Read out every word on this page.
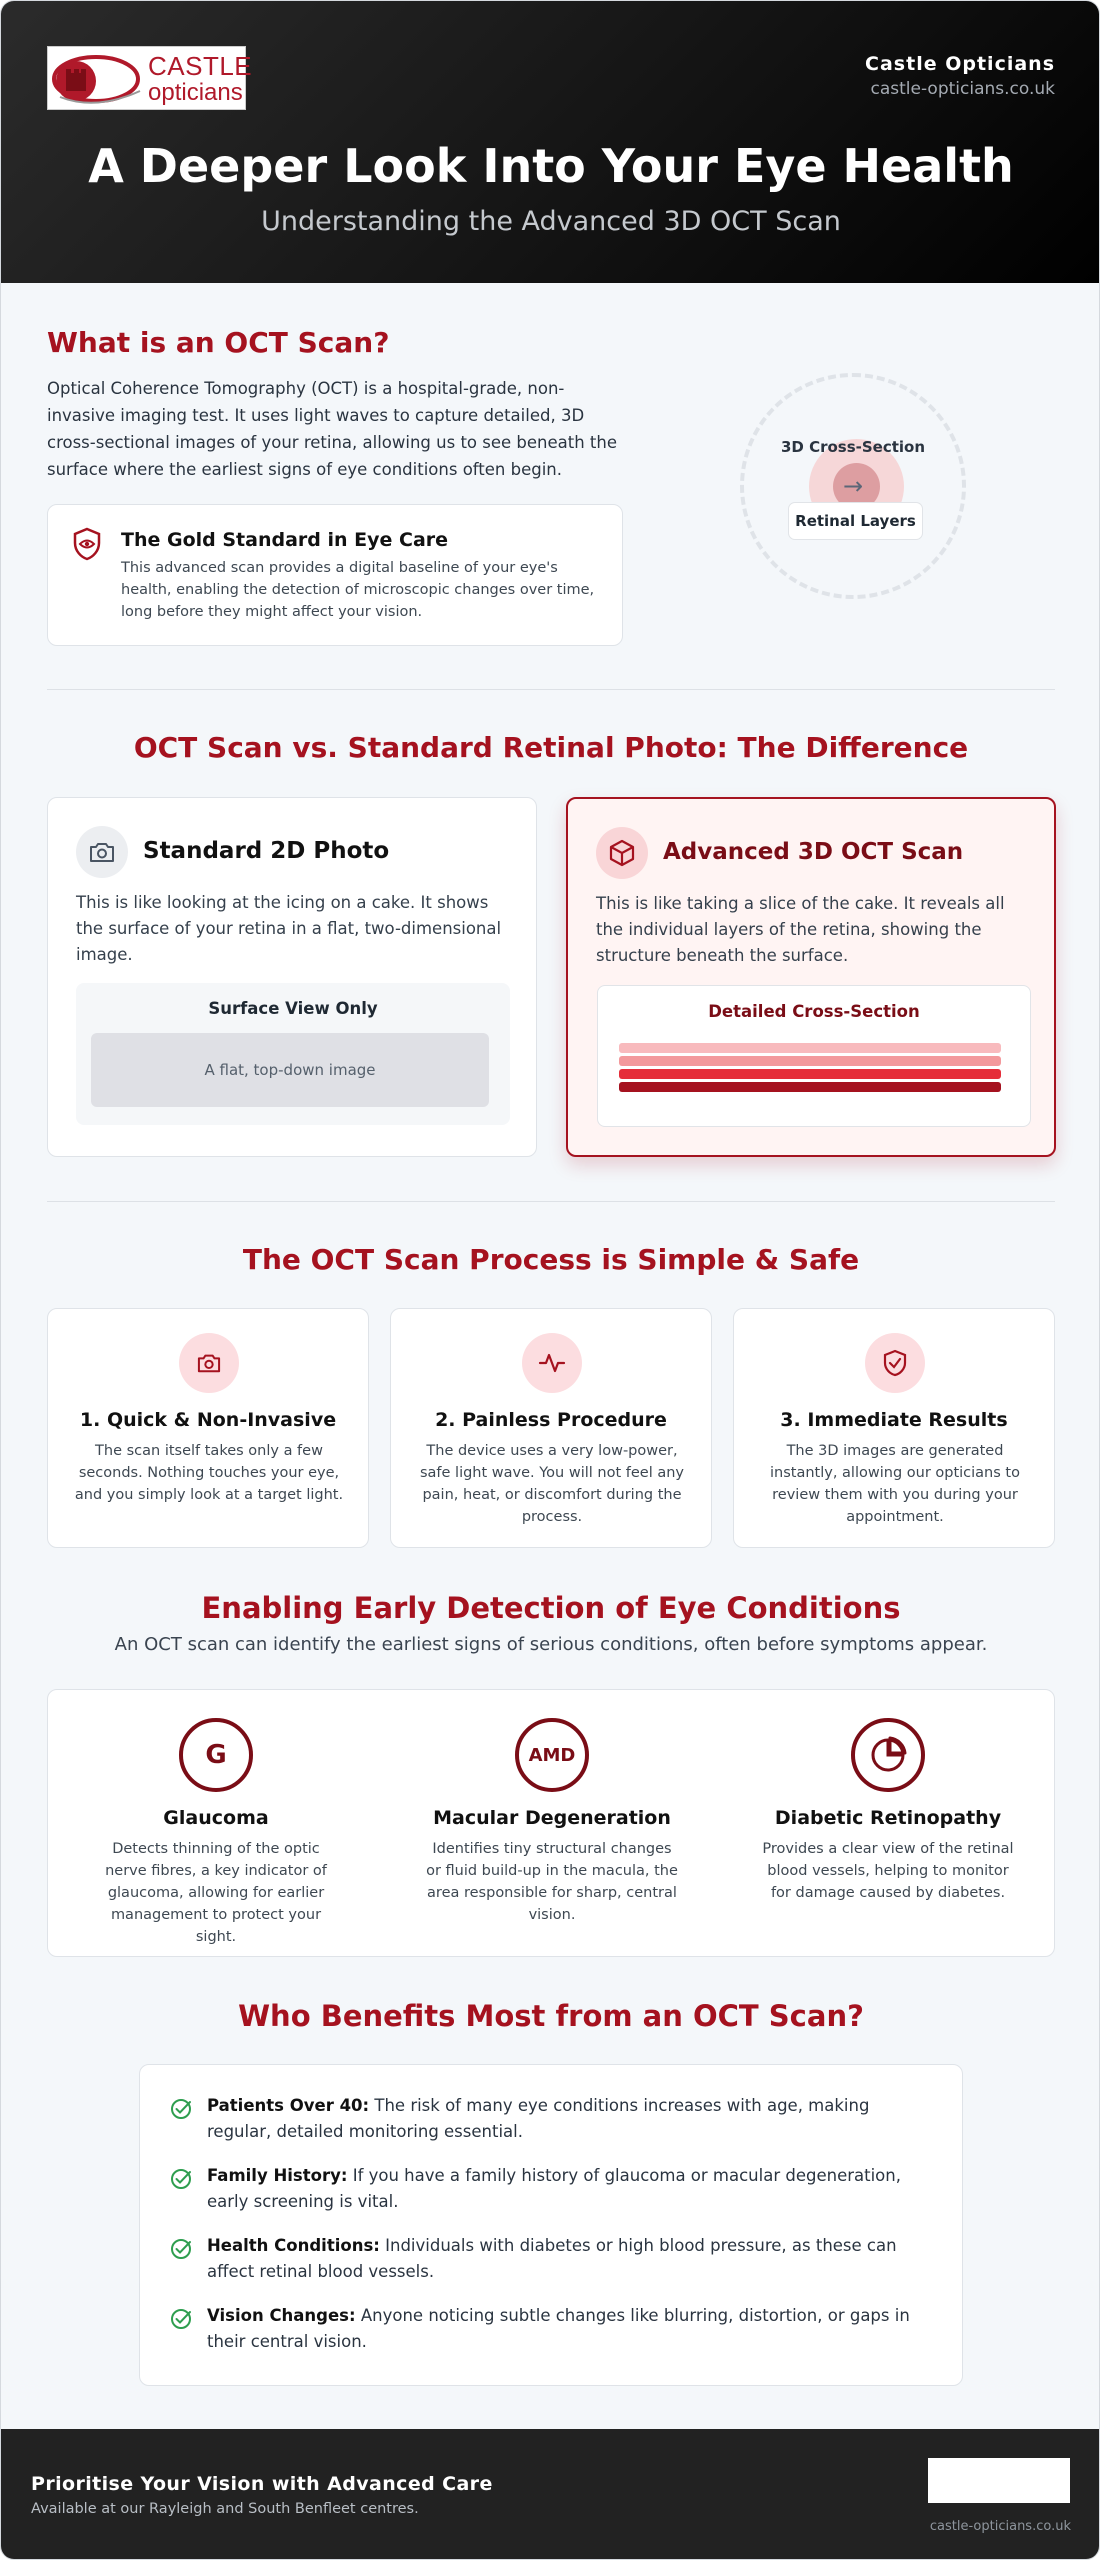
CASTLE
opticians
Castle Opticians
castle-opticians.co.uk
A Deeper Look Into Your Eye Health
Understanding the Advanced 3D OCT Scan
What is an OCT Scan?
Optical Coherence Tomography (OCT) is a hospital-grade, non-invasive imaging test. It uses light waves to capture detailed, 3D cross-sectional images of your retina, allowing us to see beneath the surface where the earliest signs of eye conditions often begin.
The Gold Standard in Eye Care
This advanced scan provides a digital baseline of your eye's health, enabling the detection of microscopic changes over time, long before they might affect your vision.
→
3D Cross-Section
Retinal Layers
OCT Scan vs. Standard Retinal Photo: The Difference
Standard 2D Photo
This is like looking at the icing on a cake. It shows the surface of your retina in a flat, two-dimensional image.
Surface View Only
A flat, top-down image
Advanced 3D OCT Scan
This is like taking a slice of the cake. It reveals all the individual layers of the retina, showing the structure beneath the surface.
Detailed Cross-Section
The OCT Scan Process is Simple & Safe
1. Quick & Non-Invasive
The scan itself takes only a few seconds. Nothing touches your eye, and you simply look at a target light.
2. Painless Procedure
The device uses a very low-power, safe light wave. You will not feel any pain, heat, or discomfort during the process.
3. Immediate Results
The 3D images are generated instantly, allowing our opticians to review them with you during your appointment.
Enabling Early Detection of Eye Conditions
An OCT scan can identify the earliest signs of serious conditions, often before symptoms appear.
G
Glaucoma
Detects thinning of the optic nerve fibres, a key indicator of glaucoma, allowing for earlier management to protect your sight.
AMD
Macular Degeneration
Identifies tiny structural changes or fluid build-up in the macula, the area responsible for sharp, central vision.
Diabetic Retinopathy
Provides a clear view of the retinal blood vessels, helping to monitor for damage caused by diabetes.
Who Benefits Most from an OCT Scan?
Patients Over 40: The risk of many eye conditions increases with age, making regular, detailed monitoring essential.
Family History: If you have a family history of glaucoma or macular degeneration, early screening is vital.
Health Conditions: Individuals with diabetes or high blood pressure, as these can affect retinal blood vessels.
Vision Changes: Anyone noticing subtle changes like blurring, distortion, or gaps in their central vision.
Prioritise Your Vision with Advanced Care
Available at our Rayleigh and South Benfleet centres.
castle-opticians.co.uk
